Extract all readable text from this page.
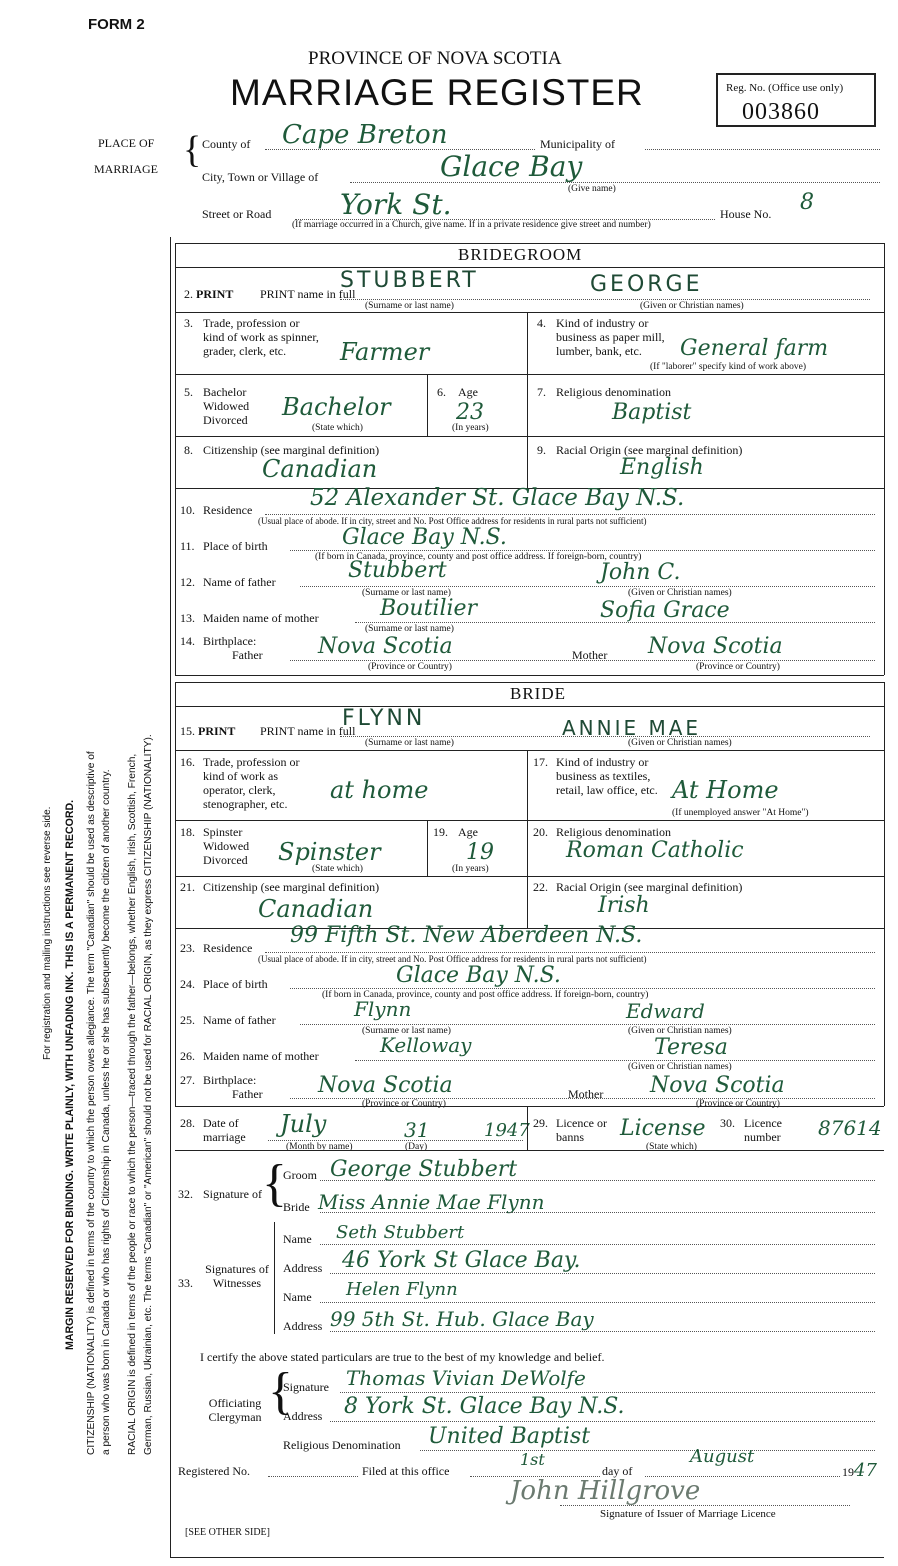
For registration and mailing instructions see reverse side. MARGIN RESERVED FOR BINDING. WRITE PLAINLY, WITH UNFADING INK. THIS IS A PERMANENT RECORD. CITIZENSHIP (NATIONALITY) is defined in terms of the country to which the person owes allegiance. The term "Canadian" should be used as descriptive of a person who was born in Canada or who has rights of Citizenship in Canada, unless he or she has subsequently become the citizen of another country. RACIAL ORIGIN is defined in terms of the people or race to which the person—traced through the father—belongs, whether English, Irish, Scottish, French, German, Russian, Ukrainian, etc. The terms "Canadian" or "American" should not be used for RACIAL ORIGIN, as they express CITIZENSHIP (NATIONALITY).
FORM 2
PROVINCE OF NOVA SCOTIA
MARRIAGE REGISTER	Reg. No. (Office use only)
003860
PLACE OF
MARRIAGE { County of Cape Breton	Municipality of
City, Town or Village of	Glace Bay
(Give name)
Street or Road York St.	House No. 8
(If marriage occurred in a Church, give name. If in a private residence give street and number)
BRIDEGROOM
2. PRINT PRINT name in full
STUBBERT	GEORGE
(Surname or last name)	(Given or Christian names)
3. Trade, profession or kind of work as spinner, grader, clerk, etc.	Farmer
4. Kind of industry or business as paper mill, lumber, bank, etc.	General farm
(If "laborer" specify kind of work above)
5. Bachelor Widowed Divorced	Bachelor
(State which)
6. Age
23
(In years)
7. Religious denomination
Baptist
8. Citizenship (see marginal definition)
Canadian
9. Racial Origin (see marginal definition)
English
10. Residence	52 Alexander St. Glace Bay N.S.
(Usual place of abode. If in city, street and No. Post Office address for residents in rural parts not sufficient)
11. Place of birth	Glace Bay N.S.
(If born in Canada, province, county and post office address. If foreign-born, country)
12. Name of father	Stubbert	John C.
(Surname or last name)	(Given or Christian names)
13. Maiden name of mother	Boutilier	Sofia Grace
(Surname or last name)
14. Birthplace:
Father	Nova Scotia	Mother Nova Scotia
(Province or Country)	(Province or Country)
BRIDE
15. PRINT PRINT name in full
FLYNN	ANNIE MAE
(Surname or last name)	(Given or Christian names)
16. Trade, profession or kind of work as operator, clerk, stenographer, etc.	at home
17. Kind of industry or business as textiles, retail, law office, etc. At Home
(If unemployed answer "At Home")
18. Spinster Widowed Divorced	Spinster
(State which)
19. Age
19
(In years)
20. Religious denomination
Roman Catholic
21. Citizenship (see marginal definition)
Canadian
22. Racial Origin (see marginal definition)
Irish
23. Residence 99 Fifth St. New Aberdeen N.S.
(Usual place of abode. If in city, street and No. Post Office address for residents in rural parts not sufficient)
24. Place of birth	Glace Bay N.S.
(If born in Canada, province, county and post office address. If foreign-born, country)
25. Name of father	Flynn	Edward
(Surname or last name)	(Given or Christian names)
26. Maiden name of mother	Kelloway	Teresa
(Given or Christian names)
27. Birthplace:
Father	Nova Scotia	Mother Nova Scotia
(Province or Country)	(Province or Country)
28. Date of marriage	July	31	1947
(Month by name)	(Day)
29. Licence or banns	License
(State which)
30. Licence number	87614
32. Signature of {
Groom George Stubbert
Bride Miss Annie Mae Flynn
33.
Signatures of Witnesses
Name Seth Stubbert
Address 46 York St Glace Bay.
Name Helen Flynn
Address 99 5th St. Hub. Glace Bay
I certify the above stated particulars are true to the best of my knowledge and belief.
Officiating Clergyman {
Signature Thomas Vivian DeWolfe
Address 8 York St. Glace Bay N.S.
Religious Denomination United Baptist
Registered No.	Filed at this office
1st
day of
August
1947
John Hillgrove
Signature of Issuer of Marriage Licence
[SEE OTHER SIDE]
